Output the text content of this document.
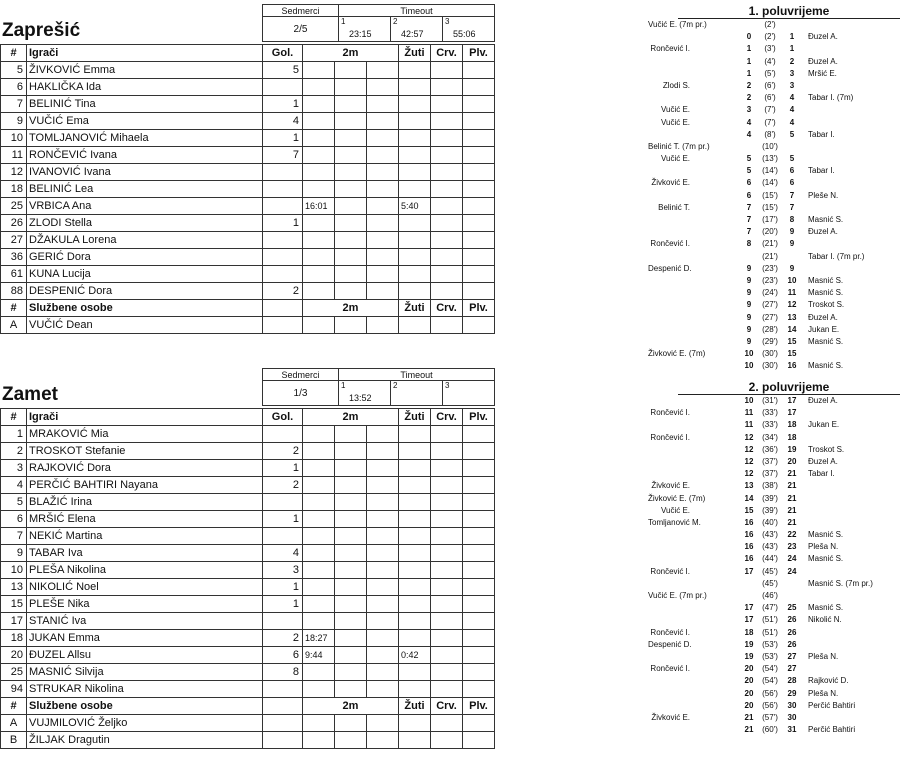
Sedmerci	Timeout		
2/5	1
23:15	2
42:57	3
55:06
Zaprešić
#	Igrači	Gol.	2m			Žuti	Crv.	Plv.
5	ŽIVKOVIĆ Emma	5						
6	HAKLIČKA Ida							
7	BELINIĆ Tina	1						
9	VUČIĆ Ema	4						
10	TOMLJANOVIĆ Mihaela	1						
11	RONČEVIĆ Ivana	7						
12	IVANOVIĆ Ivana							
18	BELINIĆ Lea							
25	VRBICA Ana		16:01			5:40		
26	ZLODI Stella	1						
27	DŽAKULA Lorena							
36	GERIĆ Dora							
61	KUNA Lucija							
88	DESPENIĆ Dora	2						
#	Službene osobe		2m			Žuti	Crv.	Plv.
A	VUČIĆ Dean							
Sedmerci	Timeout		
1/3	1
13:52	2	3
Zamet
#	Igrači	Gol.	2m			Žuti	Crv.	Plv.
1	MRAKOVIĆ Mia							
2	TROSKOT Stefanie	2						
3	RAJKOVIĆ Dora	1						
4	PERČIĆ BAHTIRI Nayana	2						
5	BLAŽIĆ Irina							
6	MRŠIĆ Elena	1						
7	NEKIĆ Martina							
9	TABAR Iva	4						
10	PLEŠA Nikolina	3						
13	NIKOLIĆ Noel	1						
15	PLEŠE Nika	1						
17	STANIĆ Iva							
18	JUKAN Emma	2	18:27					
20	ĐUZEL Allsu	6	9:44			0:42		
25	MASNIĆ Silvija	8						
94	STRUKAR Nikolina							
#	Službene osobe		2m			Žuti	Crv.	Plv.
A	VUJMILOVIĆ Željko							
B	ŽILJAK Dragutin							
1. poluvrijeme
Vučić E. (7m pr.)	(2')
0	(2')	1	Đuzel A.
Rončević I.	1	(3')	1
1	(4')	2	Đuzel A.
1	(5')	3	Mršić E.
Zlodi S.	2	(6')	3
2	(6')	4	Tabar I. (7m)
Vučić E.	3	(7')	4
Vučić E.	4	(7')	4
4	(8')	5	Tabar I.
Belinić T. (7m pr.)	(10')
Vučić E.	5	(13')	5
5	(14')	6	Tabar I.
Živković E.	6	(14')	6
6	(15')	7	Pleše N.
Belinić T.	7	(15')	7
7	(17')	8	Masnić S.
7	(20')	9	Đuzel A.
Rončević I.	8	(21')	9
(21')	Tabar I. (7m pr.)
Despenić D.	9	(23')	9
9	(23')	10 Masnić S.
9	(24')	11 Masnić S.
9	(27')	12 Troskot S.
9	(27')	13 Đuzel A.
9	(28')	14 Jukan E.
9	(29')	15 Masnić S.
Živković E. (7m)	10	(30')	15
10	(30')	16 Masnić S.
2. poluvrijeme
10	(31')	17 Đuzel A.
Rončević I.	11	(33')	17
11	(33')	18 Jukan E.
Rončević I.	12	(34')	18
12	(36')	19 Troskot S.
12	(37')	20 Đuzel A.
12	(37')	21 Tabar I.
Živković E.	13	(38')	21
Živković E. (7m)	14	(39')	21
Vučić E.	15	(39')	21
Tomljanović M.	16	(40')	21
16	(43')	22 Masnić S.
16	(43')	23 Pleša N.
16	(44')	24 Masnić S.
Rončević I.	17	(45')	24
(45')	Masnić S. (7m pr.)
Vučić E. (7m pr.)	(46')
17	(47')	25 Masnić S.
17	(51')	26 Nikolić N.
Rončević I.	18	(51')	26
Despenić D.	19	(53')	26
19	(53')	27 Pleša N.
Rončević I.	20	(54')	27
20	(54')	28 Rajković D.
20	(56')	29 Pleša N.
20	(56')	30 Perčić Bahtiri
Živković E.	21	(57')	30
21	(60')	31 Perčić Bahtiri
